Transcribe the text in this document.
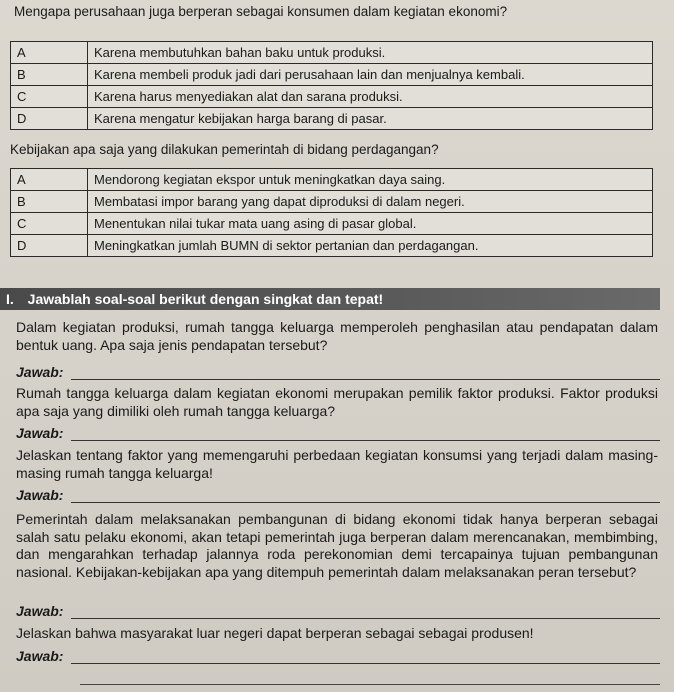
Mengapa perusahaan juga berperan sebagai konsumen dalam kegiatan ekonomi?
A	Karena membutuhkan bahan baku untuk produksi.
B	Karena membeli produk jadi dari perusahaan lain dan menjualnya kembali.
C	Karena harus menyediakan alat dan sarana produksi.
D	Karena mengatur kebijakan harga barang di pasar.
Kebijakan apa saja yang dilakukan pemerintah di bidang perdagangan?
A	Mendorong kegiatan ekspor untuk meningkatkan daya saing.
B	Membatasi impor barang yang dapat diproduksi di dalam negeri.
C	Menentukan nilai tukar mata uang asing di pasar global.
D	Meningkatkan jumlah BUMN di sektor pertanian dan perdagangan.
I. Jawablah soal-soal berikut dengan singkat dan tepat!

Dalam kegiatan produksi, rumah tangga keluarga memperoleh penghasilan atau pendapatan dalam bentuk uang. Apa saja jenis pendapatan tersebut?

Jawab:

Rumah tangga keluarga dalam kegiatan ekonomi merupakan pemilik faktor produksi. Faktor produksi apa saja yang dimiliki oleh rumah tangga keluarga?

Jawab:

Jelaskan tentang faktor yang memengaruhi perbedaan kegiatan konsumsi yang terjadi dalam masing-masing rumah tangga keluarga!

Jawab:

Pemerintah dalam melaksanakan pembangunan di bidang ekonomi tidak hanya berperan sebagai salah satu pelaku ekonomi, akan tetapi pemerintah juga berperan dalam merencanakan, membimbing, dan mengarahkan terhadap jalannya roda perekonomian demi tercapainya tujuan pembangunan nasional. Kebijakan-kebijakan apa yang ditempuh pemerintah dalam melaksanakan peran tersebut?

Jawab:

Jelaskan bahwa masyarakat luar negeri dapat berperan sebagai sebagai produsen!

Jawab:
